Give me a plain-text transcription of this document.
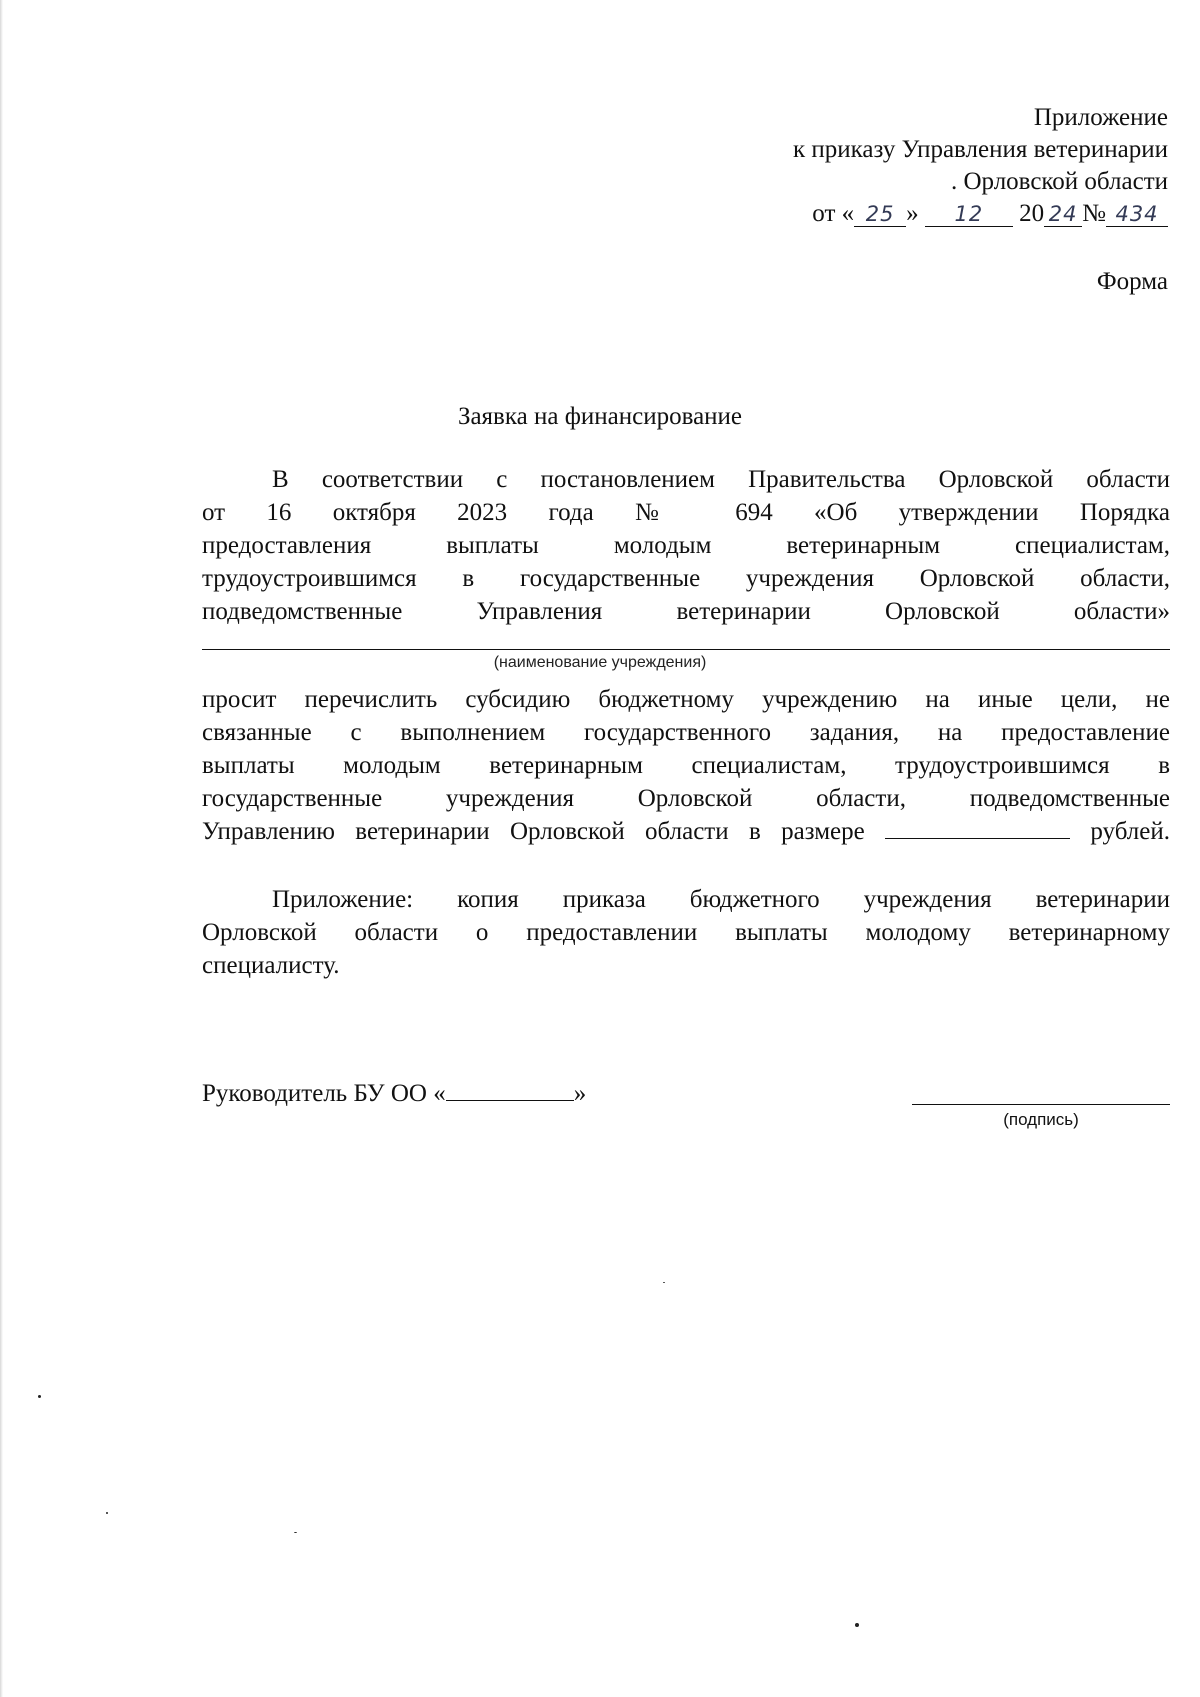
Приложение
к приказу Управления ветеринарии
. Орловской области
от « 25 » 12 20 24 № 434
Форма
Заявка на финансирование
В соответствии с постановлением Правительства Орловской области
от 16 октября 2023 года № 694 «Об утверждении Порядка
предоставления выплаты молодым ветеринарным специалистам,
трудоустроившимся в государственные учреждения Орловской области,
подведомственные Управления ветеринарии Орловской области»
(наименование учреждения)
просит перечислить субсидию бюджетному учреждению на иные цели, не
связанные с выполнением государственного задания, на предоставление
выплаты молодым ветеринарным специалистам, трудоустроившимся в
государственные учреждения Орловской области, подведомственные
Управлению ветеринарии Орловской области в размере	рублей.
Приложение: копия приказа бюджетного учреждения ветеринарии
Орловской области о предоставлении выплаты молодому ветеринарному
специалисту.
Руководитель БУ ОО «	»
(подпись)
